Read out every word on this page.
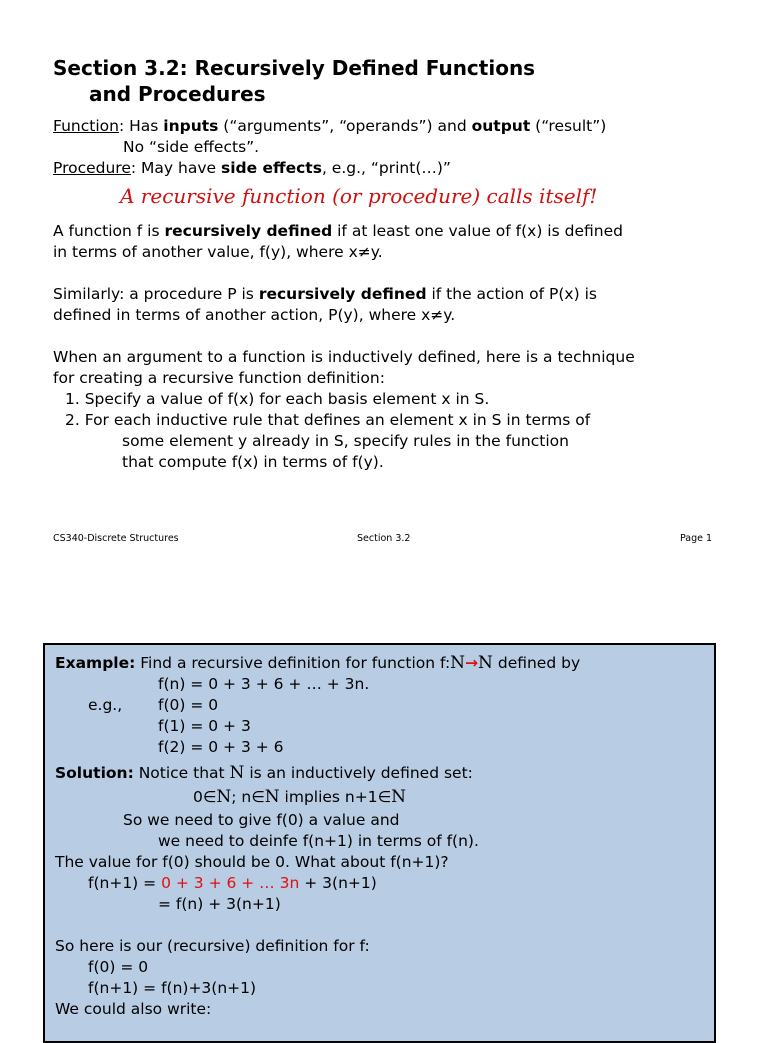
Section 3.2: Recursively Defined Functions
and Procedures
Function: Has inputs (“arguments”, “operands”) and output (“result”)
No “side effects”.
Procedure: May have side effects, e.g., “print(…)”
A recursive function (or procedure) calls itself!
A function f is recursively defined if at least one value of f(x) is defined
in terms of another value, f(y), where x≠y.
Similarly: a procedure P is recursively defined if the action of P(x) is
defined in terms of another action, P(y), where x≠y.
When an argument to a function is inductively defined, here is a technique
for creating a recursive function definition:
1. Specify a value of f(x) for each basis element x in S.
2. For each inductive rule that defines an element x in S in terms of
some element y already in S, specify rules in the function
that compute f(x) in terms of f(y).
CS340-Discrete Structures	Section 3.2	Page 1
Example: Find a recursive definition for function f:N→N defined by
f(n) = 0 + 3 + 6 + … + 3n.
e.g., f(0) = 0
f(1) = 0 + 3
f(2) = 0 + 3 + 6
Solution: Notice that N is an inductively defined set:
0∈N; n∈N implies n+1∈N
So we need to give f(0) a value and
we need to deinfe f(n+1) in terms of f(n).
The value for f(0) should be 0. What about f(n+1)?
f(n+1) = 0 + 3 + 6 + … 3n + 3(n+1)
= f(n) + 3(n+1)
So here is our (recursive) definition for f:
f(0) = 0
f(n+1) = f(n)+3(n+1)
We could also write:
